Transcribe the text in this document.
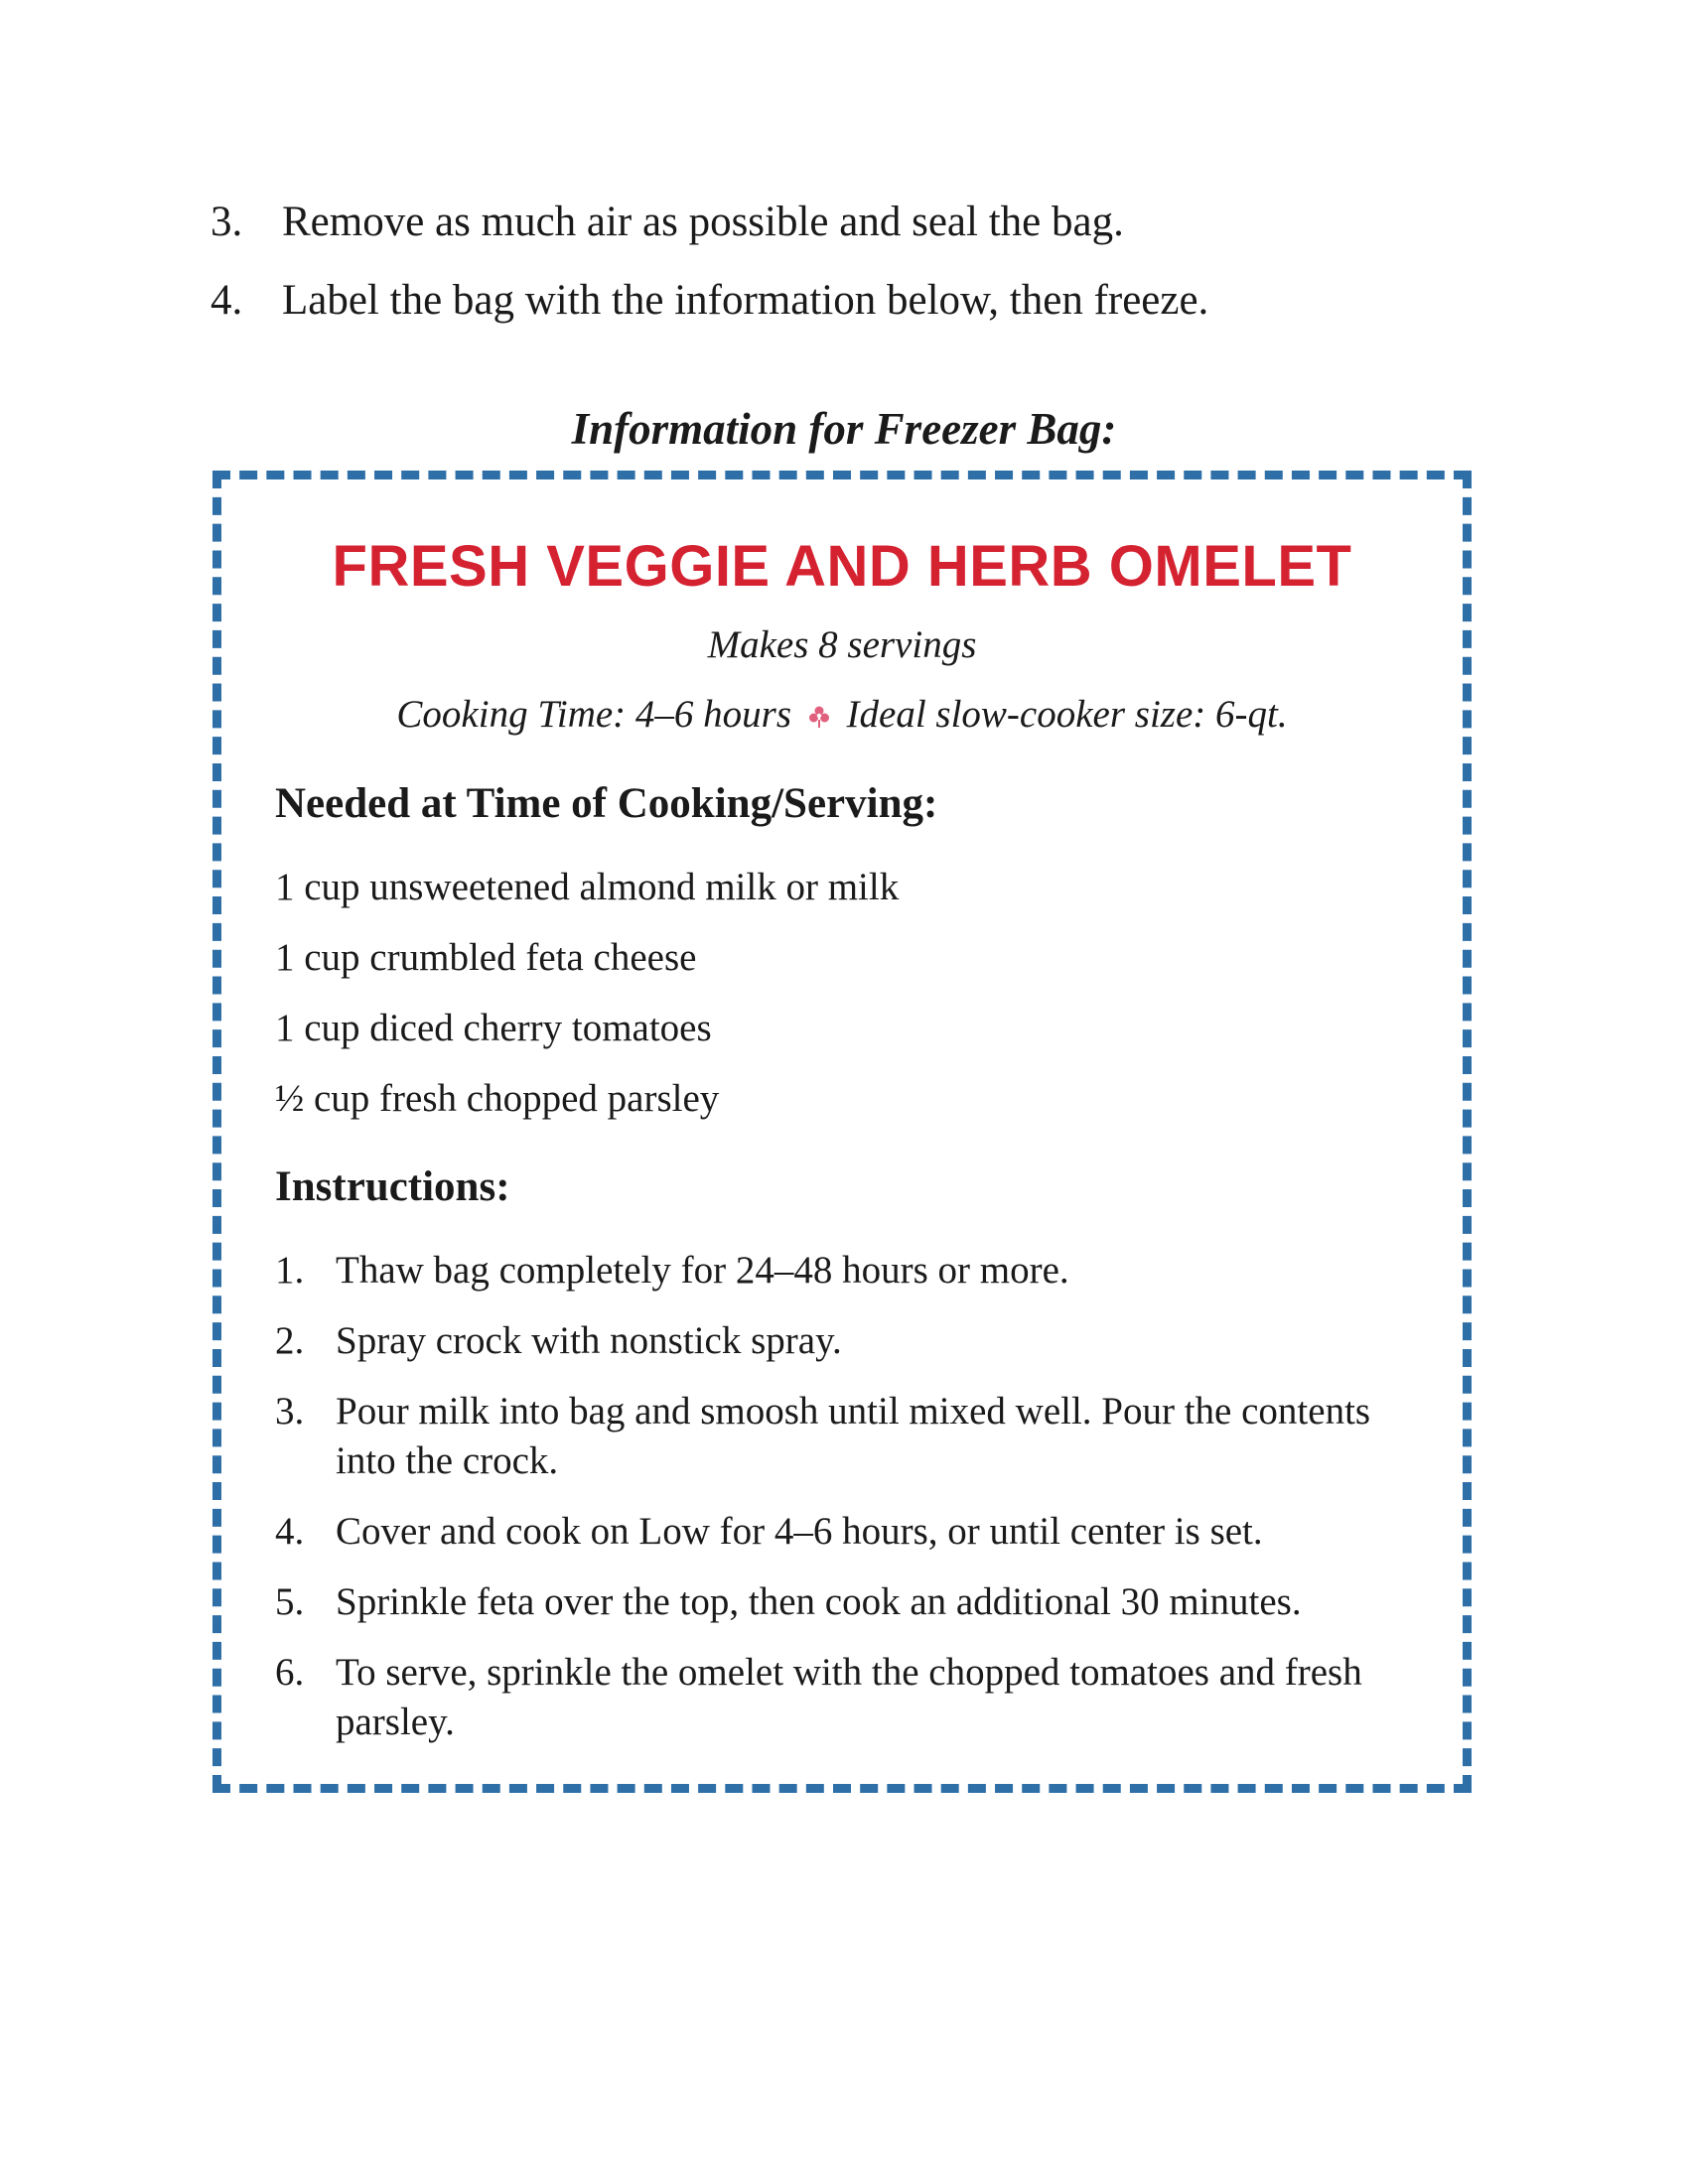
3. Remove as much air as possible and seal the bag.
4. Label the bag with the information below, then freeze.
Information for Freezer Bag:
FRESH VEGGIE AND HERB OMELET
Makes 8 servings
Cooking Time: 4–6 hours Ideal slow-cooker size: 6-qt.
Needed at Time of Cooking/Serving:
1 cup unsweetened almond milk or milk
1 cup crumbled feta cheese
1 cup diced cherry tomatoes
½ cup fresh chopped parsley
Instructions:
1. Thaw bag completely for 24–48 hours or more.
2. Spray crock with nonstick spray.
3. Pour milk into bag and smoosh until mixed well. Pour the contents into the crock.
4. Cover and cook on Low for 4–6 hours, or until center is set.
5. Sprinkle feta over the top, then cook an additional 30 minutes.
6. To serve, sprinkle the omelet with the chopped tomatoes and fresh parsley.
